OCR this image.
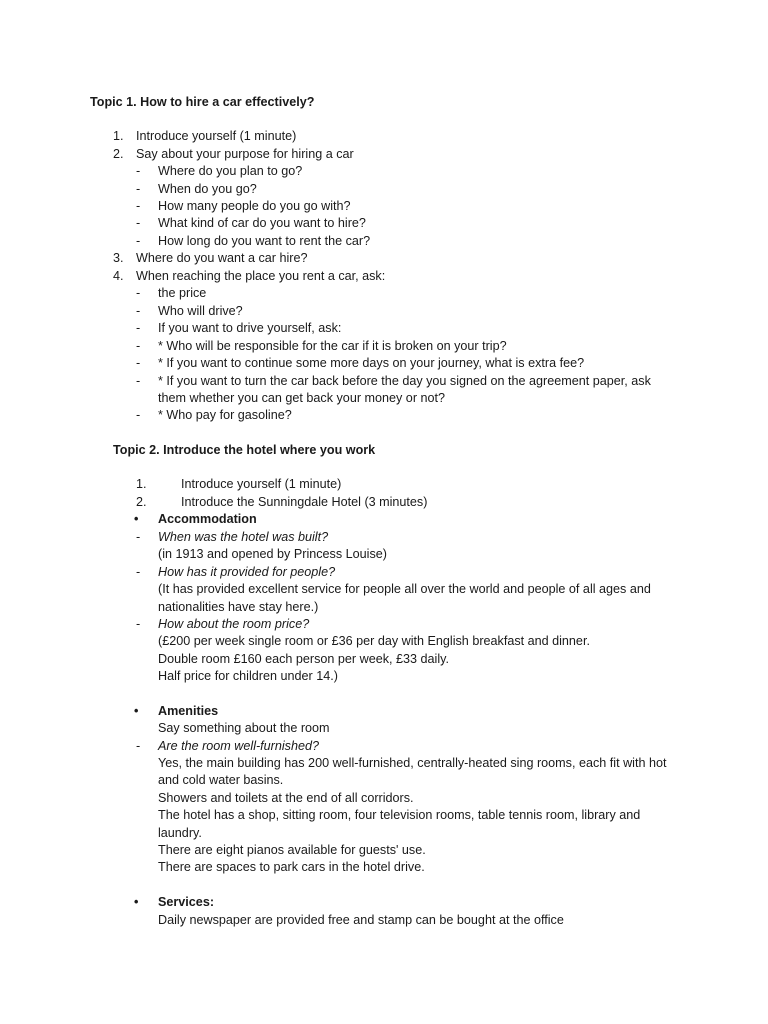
Topic 1. How to hire a car effectively?
1. Introduce yourself (1 minute)
2. Say about your purpose for hiring a car
- Where do you plan to go?
- When do you go?
- How many people do you go with?
- What kind of car do you want to hire?
- How long do you want to rent the car?
3. Where do you want a car hire?
4. When reaching the place you rent a car, ask:
- the price
- Who will drive?
- If you want to drive yourself, ask:
- * Who will be responsible for the car if it is broken on your trip?
- * If you want to continue some more days on your journey, what is extra fee?
- * If you want to turn the car back before the day you signed on the agreement paper, ask
them whether you can get back your money or not?
- * Who pay for gasoline?
Topic 2. Introduce the hotel where you work
1.	Introduce yourself (1 minute)
2.	Introduce the Sunningdale Hotel (3 minutes)
• Accommodation
- When was the hotel was built?
(in 1913 and opened by Princess Louise)
- How has it provided for people?
(It has provided excellent service for people all over the world and people of all ages and
nationalities have stay here.)
- How about the room price?
(£200 per week single room or £36 per day with English breakfast and dinner.
Double room £160 each person per week, £33 daily.
Half price for children under 14.)
• Amenities
Say something about the room
- Are the room well-furnished?
Yes, the main building has 200 well-furnished, centrally-heated sing rooms, each fit with hot
and cold water basins.
Showers and toilets at the end of all corridors.
The hotel has a shop, sitting room, four television rooms, table tennis room, library and
laundry.
There are eight pianos available for guests' use.
There are spaces to park cars in the hotel drive.
• Services:
Daily newspaper are provided free and stamp can be bought at the office
